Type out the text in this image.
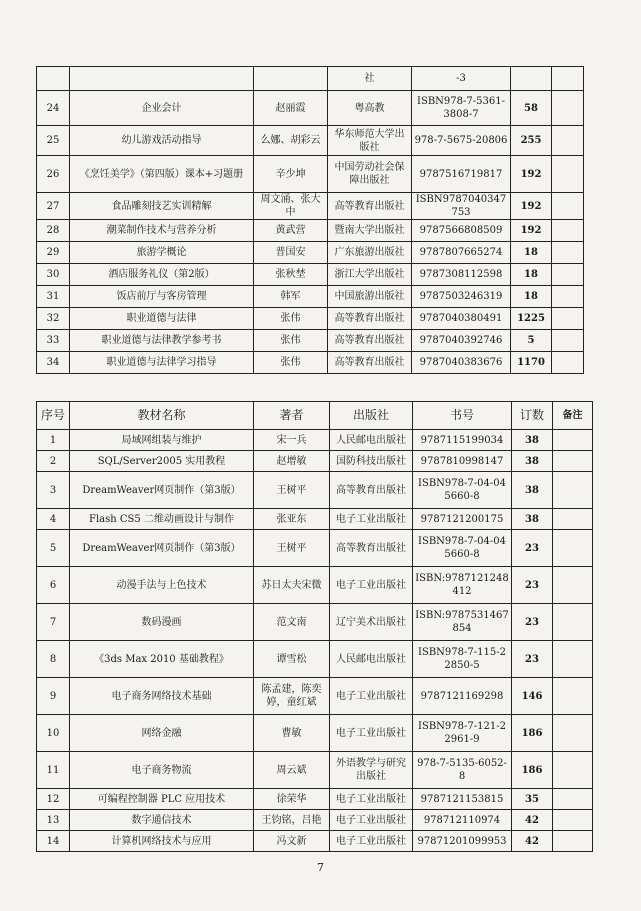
			社	-3		
24	企业会计	赵丽霞	粤高教	ISBN978-7-5361-3808-7	58	
25	幼儿游戏活动指导	么娜、胡彩云	华东师范大学出版社	978-7-5675-20806	255	
26	《烹饪美学》（第四版）课本+习题册	辛少坤	中国劳动社会保障出版社	9787516719817	192	
27	食品雕刻技艺实训精解	周文涌、张大中	高等教育出版社	ISBN9787040347753	192	
28	潮菜制作技术与营养分析	黄武营	暨南大学出版社	9787566808509	192	
29	旅游学概论	普国安	广东旅游出版社	9787807665274	18	
30	酒店服务礼仪（第2版）	张秋埜	浙江大学出版社	9787308112598	18	
31	饭店前厅与客房管理	韩军	中国旅游出版社	9787503246319	18	
32	职业道德与法律	张伟	高等教育出版社	9787040380491	1225	
33	职业道德与法律教学参考书	张伟	高等教育出版社	9787040392746	5	
34	职业道德与法律学习指导	张伟	高等教育出版社	9787040383676	1170	
序号	教材名称	著者	出版社	书号	订数	备注
1	局域网组装与维护	宋一兵	人民邮电出版社	9787115199034	38	
2	SQL/Server2005 实用教程	赵增敏	国防科技出版社	9787810998147	38	
3	DreamWeaver网页制作（第3版）	王树平	高等教育出版社	ISBN978-7-04-045660-8	38	
4	Flash CS5 二维动画设计与制作	张亚东	电子工业出版社	9787121200175	38	
5	DreamWeaver网页制作（第3版）	王树平	高等教育出版社	ISBN978-7-04-045660-8	23	
6	动漫手法与上色技术	苏日太夫宋微	电子工业出版社	ISBN:9787121248412	23	
7	数码漫画	范文南	辽宁美术出版社	ISBN:9787531467854	23	
8	《3ds Max 2010 基础教程》	谭雪松	人民邮电出版社	ISBN978-7-115-22850-5	23	
9	电子商务网络技术基础	陈孟建，陈奕婷，童红斌	电子工业出版社	9787121169298	146	
10	网络金融	曹敏	电子工业出版社	ISBN978-7-121-22961-9	186	
11	电子商务物流	周云斌	外语教学与研究出版社	978-7-5135-6052-8	186	
12	可编程控制器 PLC 应用技术	徐荣华	电子工业出版社	9787121153815	35	
13	数字通信技术	王钧铭，吕艳	电子工业出版社	978712110974	42	
14	计算机网络技术与应用	冯文新	电子工业出版社	97871201099953	42	
7
